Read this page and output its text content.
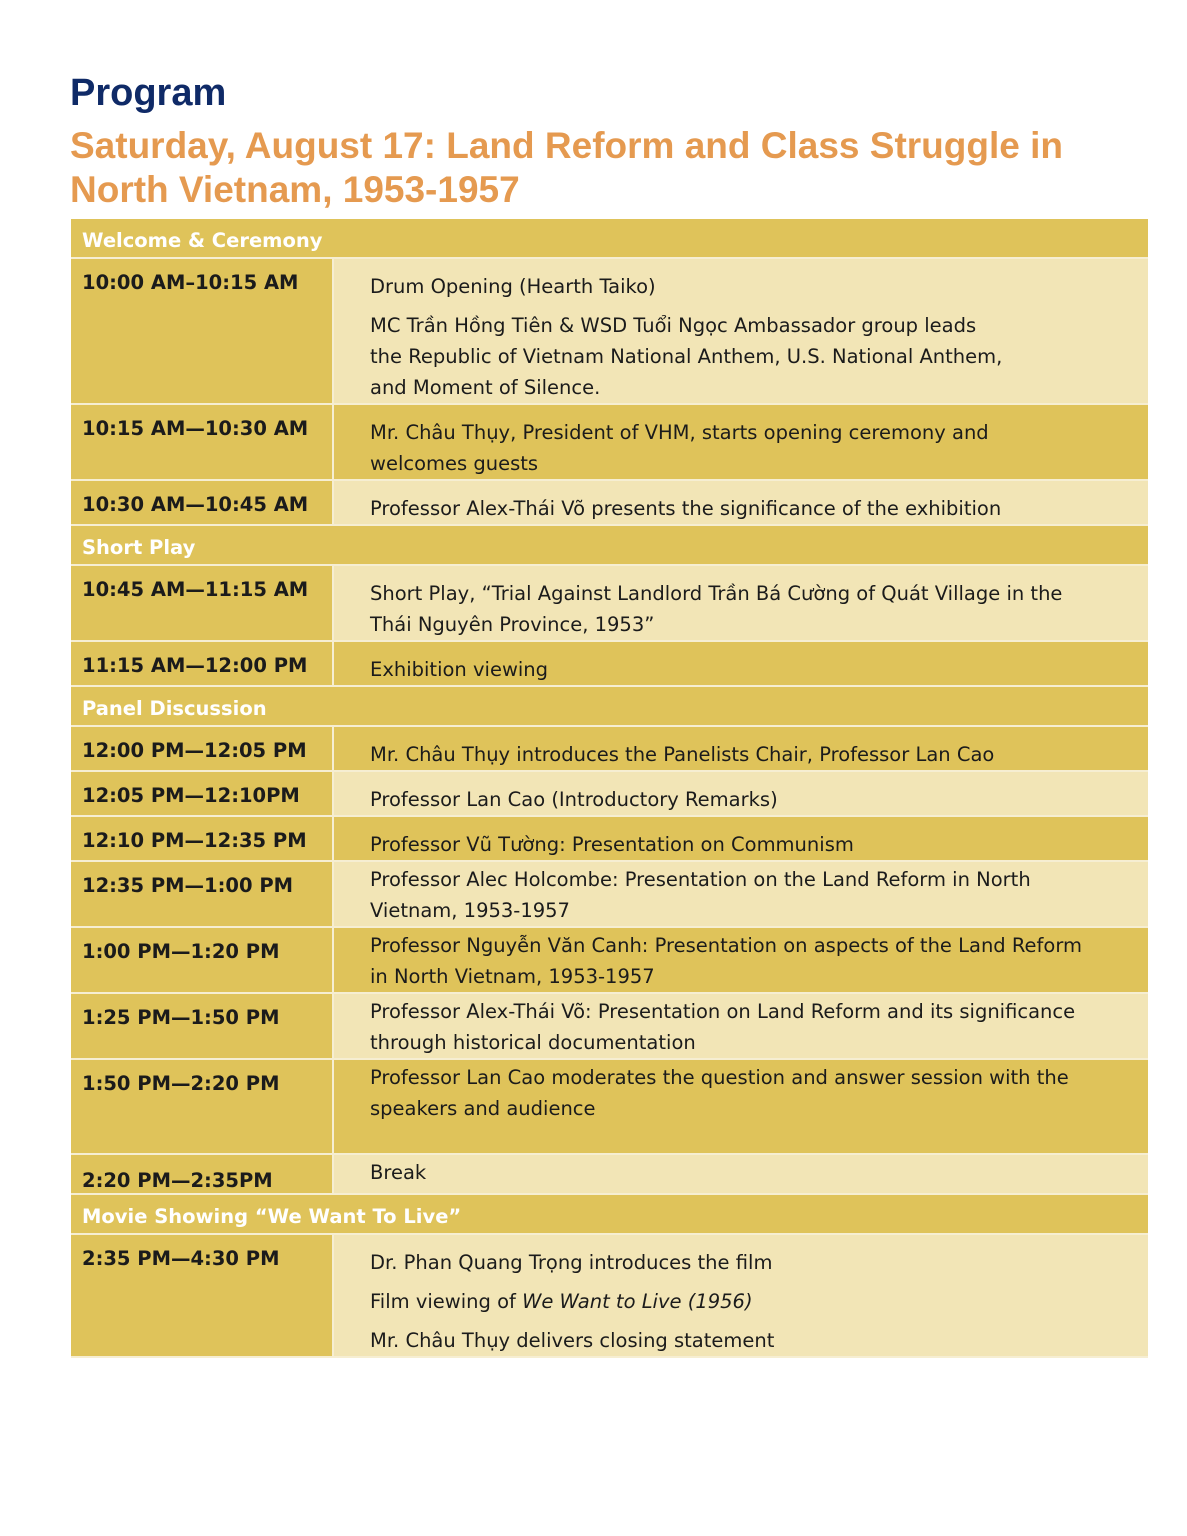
Program
Saturday, August 17: Land Reform and Class Struggle in North Vietnam, 1953-1957
Welcome & Ceremony		
10:00 AM–10:15 AM		Drum Opening (Hearth Taiko)

MC Trần Hồng Tiên & WSD Tuổi Ngọc Ambassador group leads
the Republic of Vietnam National Anthem, U.S. National Anthem,
and Moment of Silence.

10:15 AM—10:30 AM		Mr. Châu Thụy, President of VHM, starts opening ceremony and
welcomes guests

10:30 AM—10:45 AM		Professor Alex-Thái Võ presents the significance of the exhibition

Short Play		
10:45 AM—11:15 AM		Short Play, “Trial Against Landlord Trần Bá Cường of Quát Village in the
Thái Nguyên Province, 1953”

11:15 AM—12:00 PM		Exhibition viewing

Panel Discussion		
12:00 PM—12:05 PM		Mr. Châu Thụy introduces the Panelists Chair, Professor Lan Cao

12:05 PM—12:10PM		Professor Lan Cao (Introductory Remarks)

12:10 PM—12:35 PM		Professor Vũ Tường: Presentation on Communism

12:35 PM—1:00 PM		Professor Alec Holcombe: Presentation on the Land Reform in North
Vietnam, 1953-1957

1:00 PM—1:20 PM		Professor Nguyễn Văn Canh: Presentation on aspects of the Land Reform
in North Vietnam, 1953-1957

1:25 PM—1:50 PM		Professor Alex-Thái Võ: Presentation on Land Reform and its significance
through historical documentation

1:50 PM—2:20 PM		Professor Lan Cao moderates the question and answer session with the
speakers and audience

2:20 PM—2:35PM		Break

Movie Showing “We Want To Live”		
2:35 PM—4:30 PM		Dr. Phan Quang Trọng introduces the film

Film viewing of We Want to Live (1956)

Mr. Châu Thụy delivers closing statement
